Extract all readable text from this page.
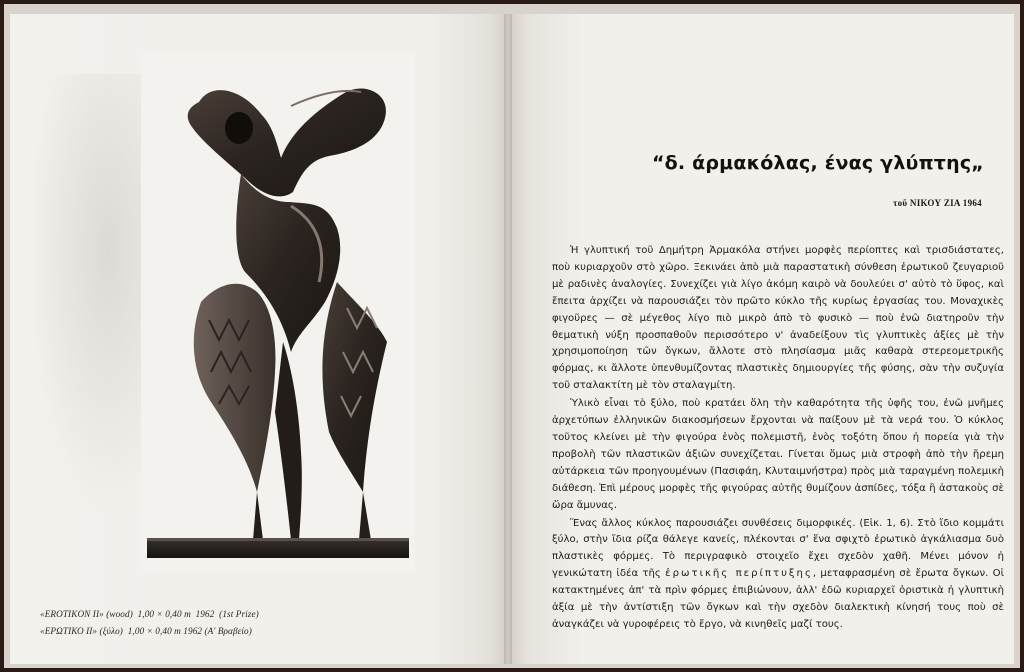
«EROTIKON II» (wood)  1,00 × 0,40 m  1962  (1st Prize)
«ΕΡΩΤΙΚΟ II» (ξύλο)  1,00 × 0,40 m 1962 (Α' Βραβείο)
“δ. άρμακόλας, ένας γλύπτης„
τοῦ ΝΙΚΟΥ ΖΙΑ 1964

Ἡ γλυπτική τοῦ Δημήτρη Ἀρμακόλα στήνει μορφὲς περίοπτες καὶ τρισδιάστατες, ποὺ κυριαρχοῦν στὸ χῶρο. Ξεκινάει ἀπὸ μιὰ παραστατικὴ σύνθεση ἐρωτικοῦ ζευγαριοῦ μὲ ραδινὲς ἀναλογίες. Συνεχίζει γιὰ λίγο ἀκόμη καιρὸ νὰ δουλεύει σ' αὐτὸ τὸ ὕφος, καὶ ἔπειτα ἀρχίζει νὰ παρουσιάζει τὸν πρῶτο κύκλο τῆς κυρίως ἐργασίας του. Μοναχικὲς φιγοῦρες — σὲ μέγεθος λίγο πιὸ μικρὸ ἀπὸ τὸ φυσικὸ — ποὺ ἐνῶ διατηροῦν τὴν θεματικὴ νύξη προσπαθοῦν περισσότερο ν' ἀναδείξουν τὶς γλυπτικὲς ἀξίες μὲ τὴν χρησιμοποίηση τῶν ὄγκων, ἄλλοτε στὸ πλησίασμα μιᾶς καθαρὰ στερεομετρικῆς φόρμας, κι ἄλλοτε ὑπενθυμίζοντας πλαστικὲς δημιουργίες τῆς φύσης, σὰν τὴν συζυγία τοῦ σταλακτίτη μὲ τὸν σταλαγμίτη.

Ὑλικὸ εἶναι τὸ ξύλο, ποὺ κρατάει ὅλη τὴν καθαρότητα τῆς ὑφῆς του, ἐνῶ μνῆμες ἀρχετύπων ἑλληνικῶν διακοσμήσεων ἔρχονται νὰ παίξουν μὲ τὰ νερά του. Ὁ κύκλος τοῦτος κλείνει μὲ τὴν φιγούρα ἑνὸς πολεμιστῆ, ἑνὸς τοξότη ὅπου ἡ πορεία γιὰ τὴν προβολὴ τῶν πλαστικῶν ἀξιῶν συνεχίζεται. Γίνεται ὅμως μιὰ στροφὴ ἀπὸ τὴν ἤρεμη αὐτάρκεια τῶν προηγουμένων (Πασιφάη, Κλυταιμνήστρα) πρὸς μιὰ ταραγμένη πολεμικὴ διάθεση. Ἐπὶ μέρους μορφὲς τῆς φιγούρας αὐτῆς θυμίζουν ἀσπίδες, τόξα ἢ ἀστακοὺς σὲ ὥρα ἄμυνας.

Ἕνας ἄλλος κύκλος παρουσιάζει συνθέσεις διμορφικές. (Εἰκ. 1, 6). Στὸ ἴδιο κομμάτι ξύλο, στὴν ἴδια ρίζα θάλεγε κανείς, πλέκονται σ' ἕνα σφιχτὸ ἐρωτικὸ ἀγκάλιασμα δυὸ πλαστικὲς φόρμες. Τὸ περιγραφικὸ στοιχεῖο ἔχει σχεδὸν χαθῆ. Μένει μόνον ἡ γενικώτατη ἰδέα τῆς ἐρωτικῆς περίπτυξης, μεταφρασμένη σὲ ἔρωτα ὄγκων. Οἱ κατακτημένες ἀπ' τὰ πρὶν φόρμες ἐπιβιώνουν, ἀλλ' ἐδῶ κυριαρχεῖ ὁριστικὰ ἡ γλυπτικὴ ἀξία μὲ τὴν ἀντίστιξη τῶν ὄγκων καὶ τὴν σχεδὸν διαλεκτικὴ κίνησή τους ποὺ σὲ ἀναγκάζει νὰ γυροφέρεις τὸ ἔργο, νὰ κινηθεῖς μαζί τους.
